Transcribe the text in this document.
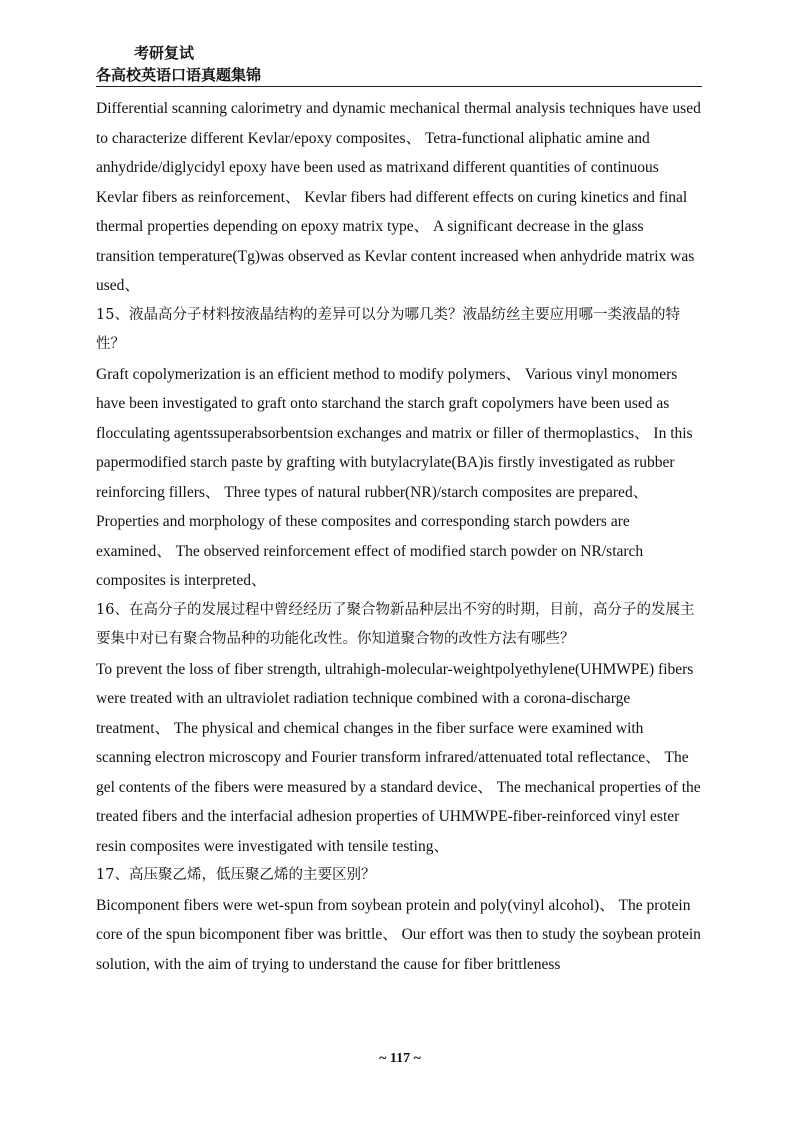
考研复试
各高校英语口语真题集锦

Differential scanning calorimetry and dynamic mechanical thermal analysis techniques have used to characterize different Kevlar/epoxy composites、 Tetra-functional aliphatic amine and anhydride/diglycidyl epoxy have been used as matrixand different quantities of continuous Kevlar fibers as reinforcement、 Kevlar fibers had different effects on curing kinetics and final thermal properties depending on epoxy matrix type、 A significant decrease in the glass transition temperature(Tg)was observed as Kevlar content increased when anhydride matrix was used、

15、液晶高分子材料按液晶结构的差异可以分为哪几类？液晶纺丝主要应用哪一类液晶的特性？

Graft copolymerization is an efficient method to modify polymers、 Various vinyl monomers have been investigated to graft onto starchand the starch graft copolymers have been used as flocculating agentssuperabsorbentsion exchanges and matrix or filler of thermoplastics、 In this papermodified starch paste by grafting with butylacrylate(BA)is firstly investigated as rubber reinforcing fillers、 Three types of natural rubber(NR)/starch composites are prepared、 Properties and morphology of these composites and corresponding starch powders are examined、 The observed reinforcement effect of modified starch powder on NR/starch composites is interpreted、

16、在高分子的发展过程中曾经经历了聚合物新品种层出不穷的时期，目前，高分子的发展主要集中对已有聚合物品种的功能化改性。你知道聚合物的改性方法有哪些？

To prevent the loss of fiber strength, ultrahigh-molecular-weightpolyethylene(UHMWPE) fibers were treated with an ultraviolet radiation technique combined with a corona-discharge treatment、 The physical and chemical changes in the fiber surface were examined with scanning electron microscopy and Fourier transform infrared/attenuated total reflectance、 The gel contents of the fibers were measured by a standard device、 The mechanical properties of the treated fibers and the interfacial adhesion properties of UHMWPE-fiber-reinforced vinyl ester resin composites were investigated with tensile testing、

17、高压聚乙烯，低压聚乙烯的主要区别？

Bicomponent fibers were wet-spun from soybean protein and poly(vinyl alcohol)、 The protein core of the spun bicomponent fiber was brittle、 Our effort was then to study the soybean protein solution, with the aim of trying to understand the cause for fiber brittleness

~ 117 ~
